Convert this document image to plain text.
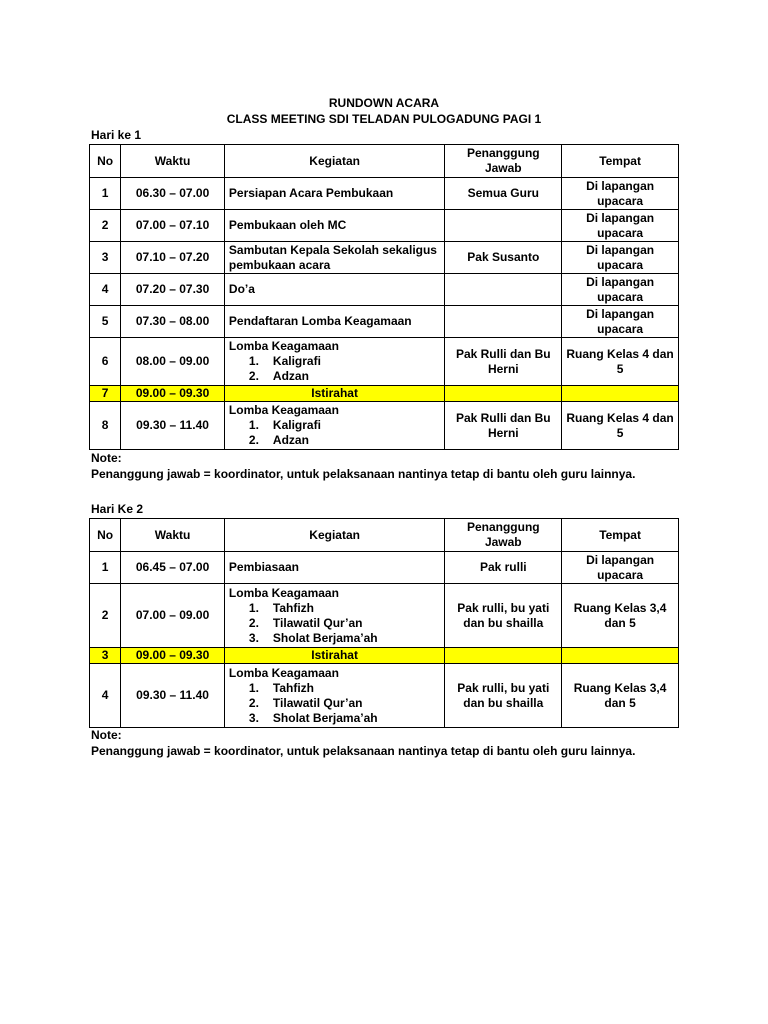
RUNDOWN ACARA
CLASS MEETING SDI TELADAN PULOGADUNG PAGI 1
Hari ke 1
No	Waktu	Kegiatan	Penanggung Jawab	Tempat
1	06.30 – 07.00	Persiapan Acara Pembukaan	Semua Guru	Di lapangan upacara
2	07.00 – 07.10	Pembukaan oleh MC		Di lapangan upacara
3	07.10 – 07.20	Sambutan Kepala Sekolah sekaligus pembukaan acara	Pak Susanto	Di lapangan upacara
4	07.20 – 07.30	Do’a		Di lapangan upacara
5	07.30 – 08.00	Pendaftaran Lomba Keagamaan		Di lapangan upacara
6	08.00 – 09.00	Lomba Keagamaan
1. Kaligrafi
2. Adzan	Pak Rulli dan Bu Herni	Ruang Kelas 4 dan 5
7	09.00 – 09.30	Istirahat		
8	09.30 – 11.40	Lomba Keagamaan
1. Kaligrafi
2. Adzan	Pak Rulli dan Bu Herni	Ruang Kelas 4 dan 5
Note:
Penanggung jawab = koordinator, untuk pelaksanaan nantinya tetap di bantu oleh guru lainnya.
Hari Ke 2
No	Waktu	Kegiatan	Penanggung Jawab	Tempat
1	06.45 – 07.00	Pembiasaan	Pak rulli	Di lapangan upacara
2	07.00 – 09.00	Lomba Keagamaan
1. Tahfizh
2. Tilawatil Qur’an
3. Sholat Berjama’ah	Pak rulli, bu yati dan bu shailla	Ruang Kelas 3,4 dan 5
3	09.00 – 09.30	Istirahat		
4	09.30 – 11.40	Lomba Keagamaan
1. Tahfizh
2. Tilawatil Qur’an
3. Sholat Berjama’ah	Pak rulli, bu yati dan bu shailla	Ruang Kelas 3,4 dan 5
Note:
Penanggung jawab = koordinator, untuk pelaksanaan nantinya tetap di bantu oleh guru lainnya.
